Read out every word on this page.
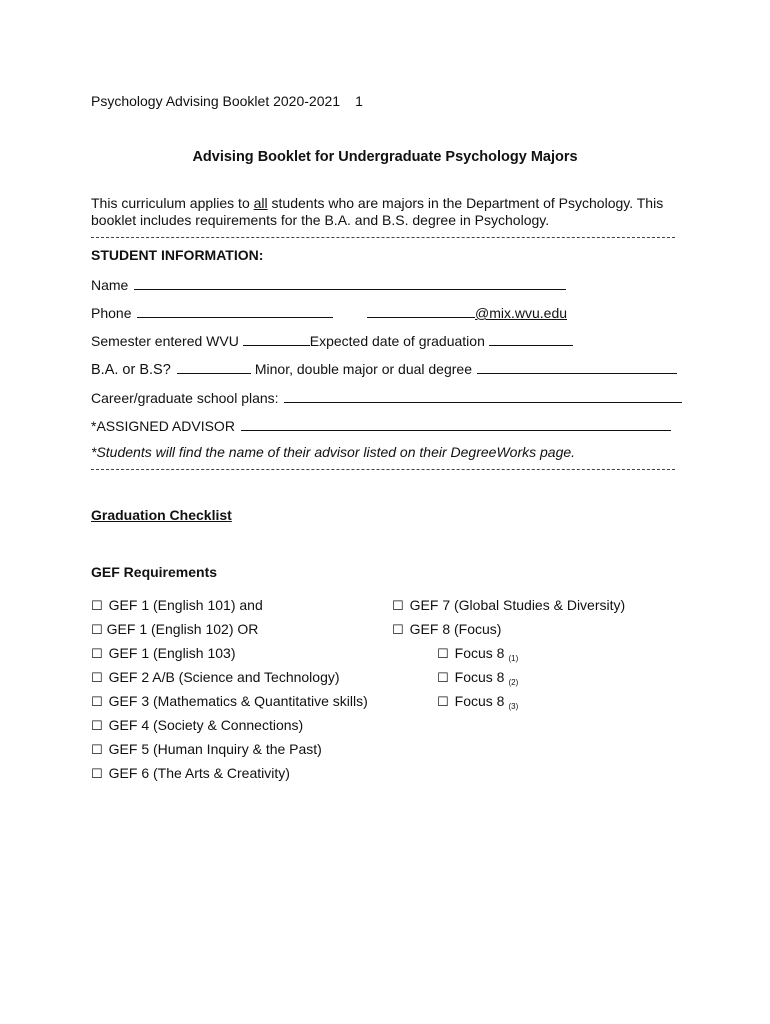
Psychology Advising Booklet 2020-2021 1
Advising Booklet for Undergraduate Psychology Majors
This curriculum applies to all students who are majors in the Department of Psychology. This
booklet includes requirements for the B.A. and B.S. degree in Psychology.
STUDENT INFORMATION:
Name
Phone	@mix.wvu.edu
Semester entered WVU	Expected date of graduation
B.A. or B.S?	Minor, double major or dual degree
Career/graduate school plans:
*ASSIGNED ADVISOR
*Students will find the name of their advisor listed on their DegreeWorks page.
Graduation Checklist
GEF Requirements
☐ GEF 1 (English 101) and
☐ GEF 1 (English 102) OR
☐ GEF 1 (English 103)
☐ GEF 2 A/B (Science and Technology)
☐ GEF 3 (Mathematics & Quantitative skills)
☐ GEF 4 (Society & Connections)
☐ GEF 5 (Human Inquiry & the Past)
☐ GEF 6 (The Arts & Creativity)
☐ GEF 7 (Global Studies & Diversity)
☐ GEF 8 (Focus)
☐ Focus 8 $_{(1)}$
☐ Focus 8 $_{(2)}$
☐ Focus 8 $_{(3)}$
